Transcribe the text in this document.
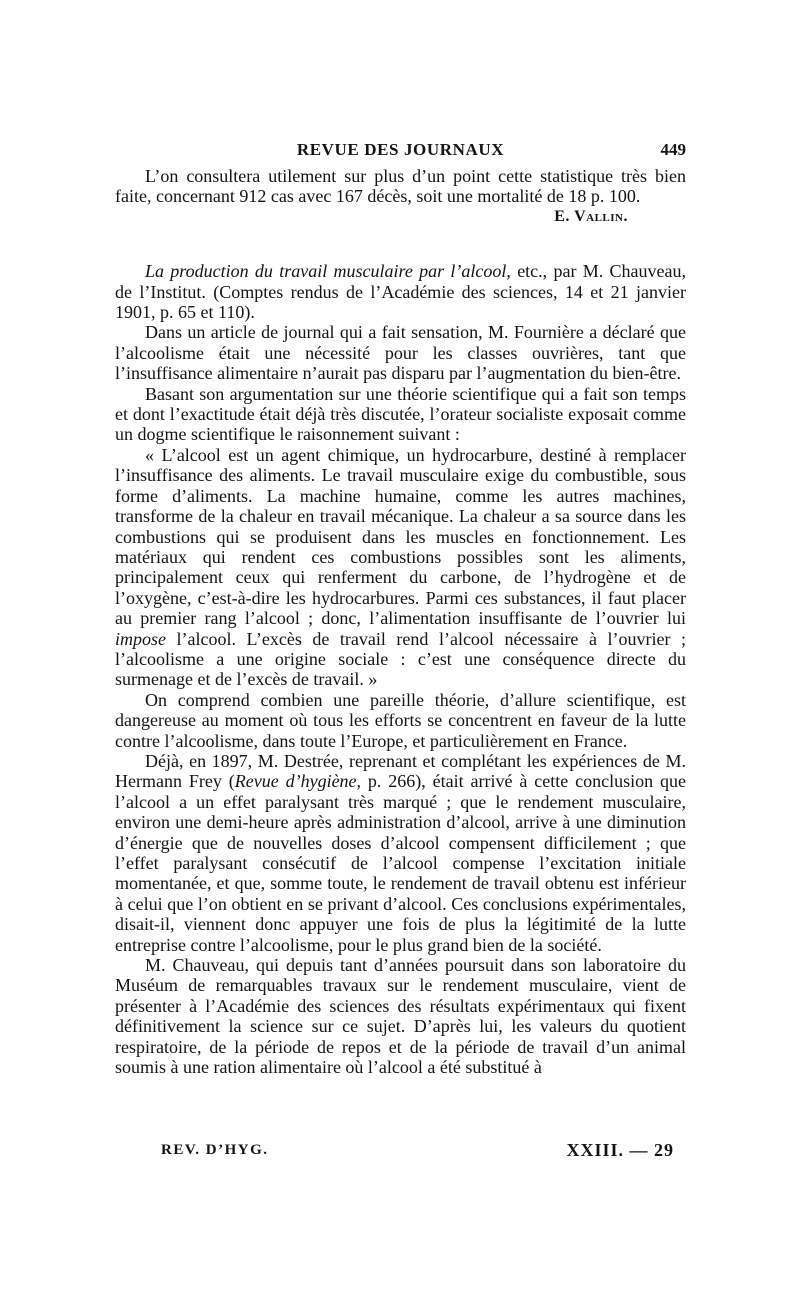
REVUE DES JOURNAUX	449

L’on consultera utilement sur plus d’un point cette statistique très bien faite, concernant 912 cas avec 167 décès, soit une mortalité de 18 p. 100.

E. Vallin.

La production du travail musculaire par l’alcool, etc., par M. Chauveau, de l’Institut. (Comptes rendus de l’Académie des sciences, 14 et 21 janvier 1901, p. 65 et 110).

Dans un article de journal qui a fait sensation, M. Fournière a déclaré que l’alcoolisme était une nécessité pour les classes ouvrières, tant que l’insuffisance alimentaire n’aurait pas disparu par l’augmentation du bien-être.

Basant son argumentation sur une théorie scientifique qui a fait son temps et dont l’exactitude était déjà très discutée, l’orateur socialiste exposait comme un dogme scientifique le raisonnement suivant :

« L’alcool est un agent chimique, un hydrocarbure, destiné à remplacer l’insuffisance des aliments. Le travail musculaire exige du combustible, sous forme d’aliments. La machine humaine, comme les autres machines, transforme de la chaleur en travail mécanique. La chaleur a sa source dans les combustions qui se produisent dans les muscles en fonctionnement. Les matériaux qui rendent ces combustions possibles sont les aliments, principalement ceux qui renferment du carbone, de l’hydrogène et de l’oxygène, c’est-à-dire les hydrocarbures. Parmi ces substances, il faut placer au premier rang l’alcool ; donc, l’alimentation insuffisante de l’ouvrier lui impose l’alcool. L’excès de travail rend l’alcool nécessaire à l’ouvrier ; l’alcoolisme a une origine sociale : c’est une conséquence directe du surmenage et de l’excès de travail. »

On comprend combien une pareille théorie, d’allure scientifique, est dangereuse au moment où tous les efforts se concentrent en faveur de la lutte contre l’alcoolisme, dans toute l’Europe, et particulièrement en France.

Déjà, en 1897, M. Destrée, reprenant et complétant les expériences de M. Hermann Frey (Revue d’hygiène, p. 266), était arrivé à cette conclusion que l’alcool a un effet paralysant très marqué ; que le rendement musculaire, environ une demi-heure après administration d’alcool, arrive à une diminution d’énergie que de nouvelles doses d’alcool compensent difficilement ; que l’effet paralysant consécutif de l’alcool compense l’excitation initiale momentanée, et que, somme toute, le rendement de travail obtenu est inférieur à celui que l’on obtient en se privant d’alcool. Ces conclusions expérimentales, disait-il, viennent donc appuyer une fois de plus la légitimité de la lutte entreprise contre l’alcoolisme, pour le plus grand bien de la société.

M. Chauveau, qui depuis tant d’années poursuit dans son laboratoire du Muséum de remarquables travaux sur le rendement musculaire, vient de présenter à l’Académie des sciences des résultats expérimentaux qui fixent définitivement la science sur ce sujet. D’après lui, les valeurs du quotient respiratoire, de la période de repos et de la période de travail d’un animal soumis à une ration alimentaire où l’alcool a été substitué à

REV. D’HYG.	XXIII. — 29
